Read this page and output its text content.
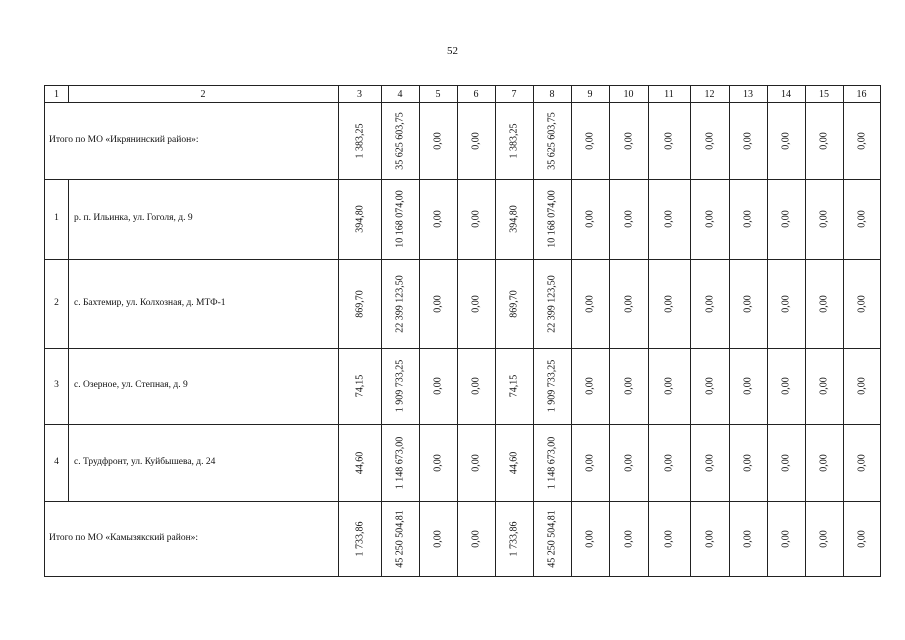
52
1	2	3	4	5	6	7	8	9	10	11	12	13	14	15	16
Итого по МО «Икрянинский район»:	1 383,25	35 625 603,75	0,00	0,00	1 383,25	35 625 603,75	0,00	0,00	0,00	0,00	0,00	0,00	0,00	0,00
1	р. п. Ильинка, ул. Гоголя, д. 9	394,80	10 168 074,00	0,00	0,00	394,80	10 168 074,00	0,00	0,00	0,00	0,00	0,00	0,00	0,00	0,00
2	с. Бахтемир, ул. Колхозная, д. МТФ-1	869,70	22 399 123,50	0,00	0,00	869,70	22 399 123,50	0,00	0,00	0,00	0,00	0,00	0,00	0,00	0,00
3	с. Озерное, ул. Степная, д. 9	74,15	1 909 733,25	0,00	0,00	74,15	1 909 733,25	0,00	0,00	0,00	0,00	0,00	0,00	0,00	0,00
4	с. Трудфронт, ул. Куйбышева, д. 24	44,60	1 148 673,00	0,00	0,00	44,60	1 148 673,00	0,00	0,00	0,00	0,00	0,00	0,00	0,00	0,00
Итого по МО «Камызякский район»:	1 733,86	45 250 504,81	0,00	0,00	1 733,86	45 250 504,81	0,00	0,00	0,00	0,00	0,00	0,00	0,00	0,00
